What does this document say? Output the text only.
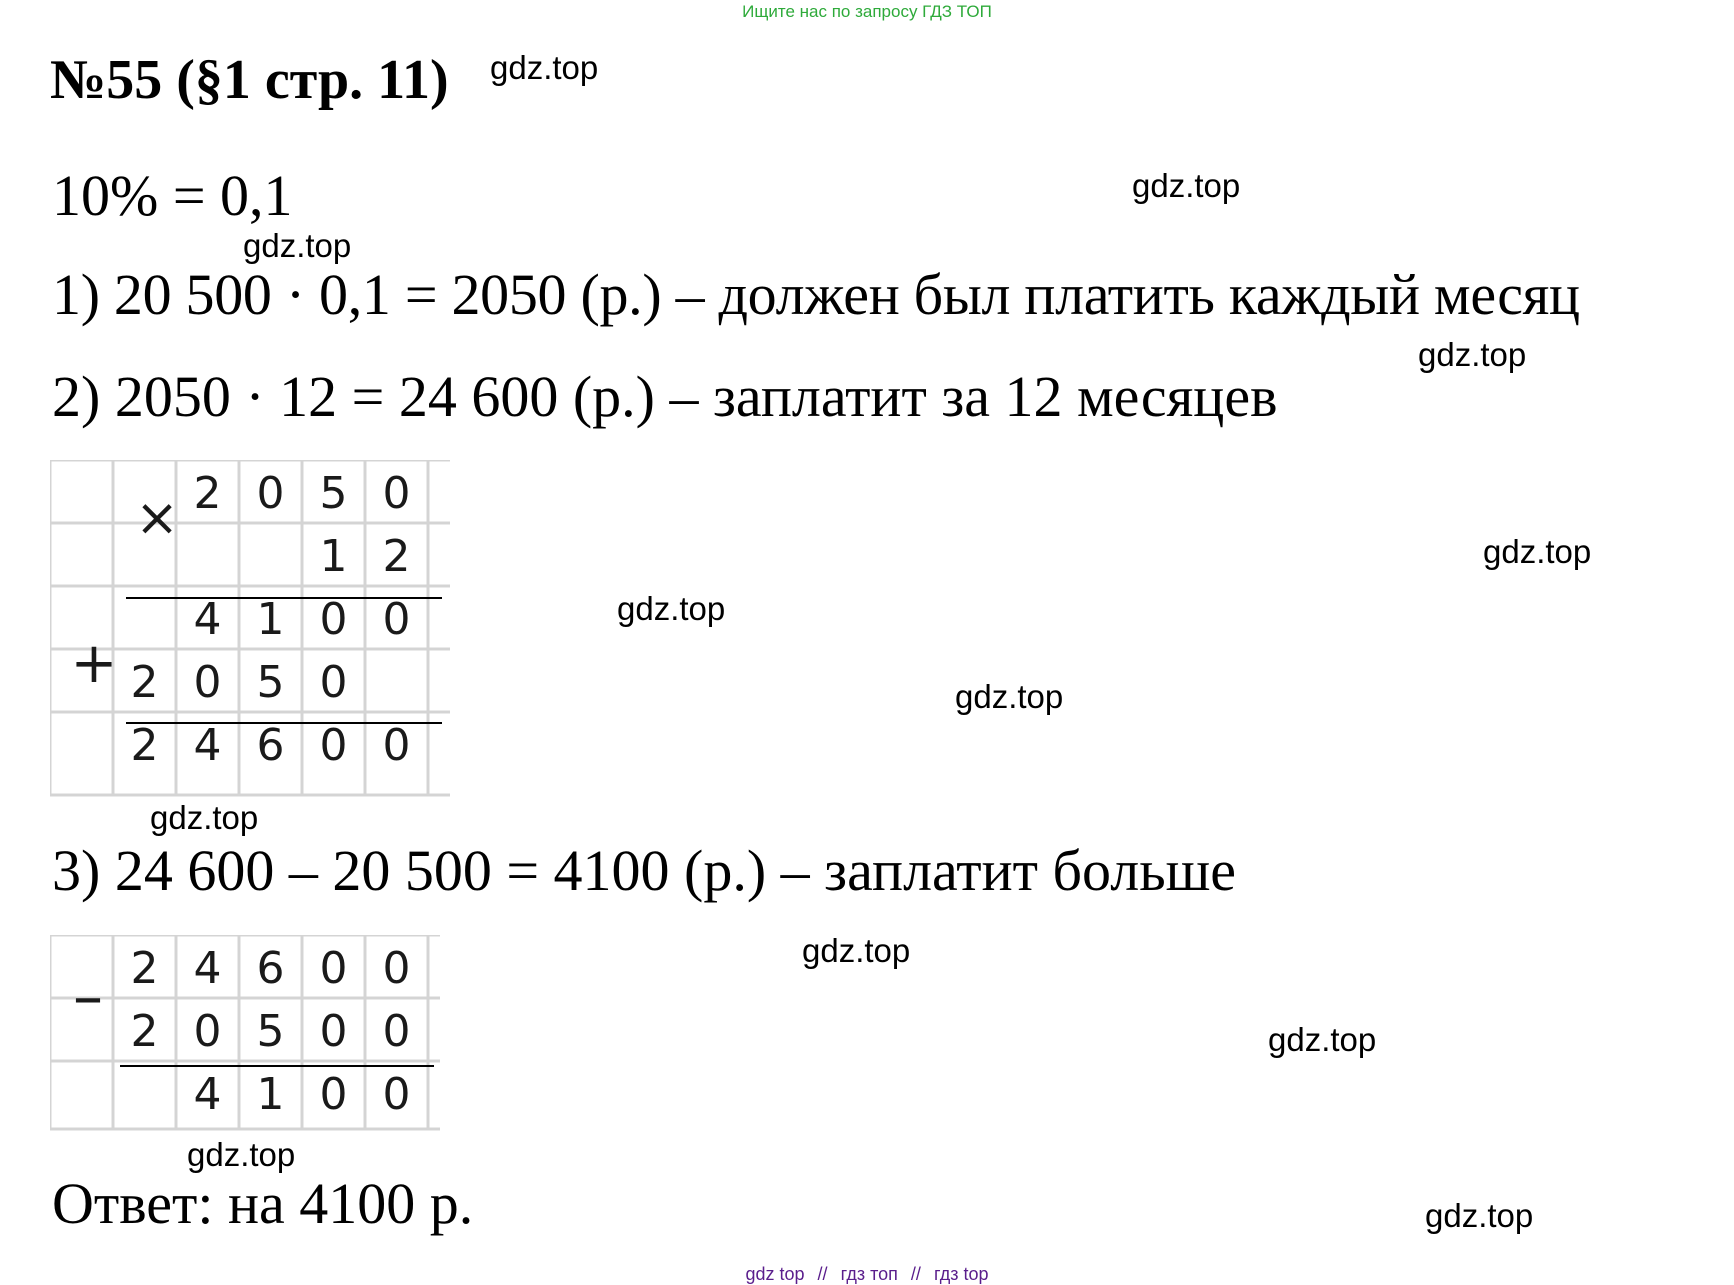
Ищите нас по запросу ГДЗ ТОП
№55 (§1 стр. 11)
10% = 0,1
1) 20 500 · 0,1 = 2050 (р.) – должен был платить каждый месяц
2) 2050 · 12 = 24 600 (р.) – заплатит за 12 месяцев
3) 24 600 – 20 500 = 4100 (р.) – заплатит больше
Ответ: на 4100 р.
×
+
2 0 5 0
1 2
4 1 0 0
2 0 5 0
2 4 6 0 0
– 2 4 6 0 0
2 0 5 0 0
4 1 0 0
gdz.top
gdz.top
gdz.top
gdz.top
gdz.top
gdz.top
gdz.top
gdz.top
gdz.top
gdz.top
gdz.top
gdz.top
gdz top // гдз топ // гдз top
